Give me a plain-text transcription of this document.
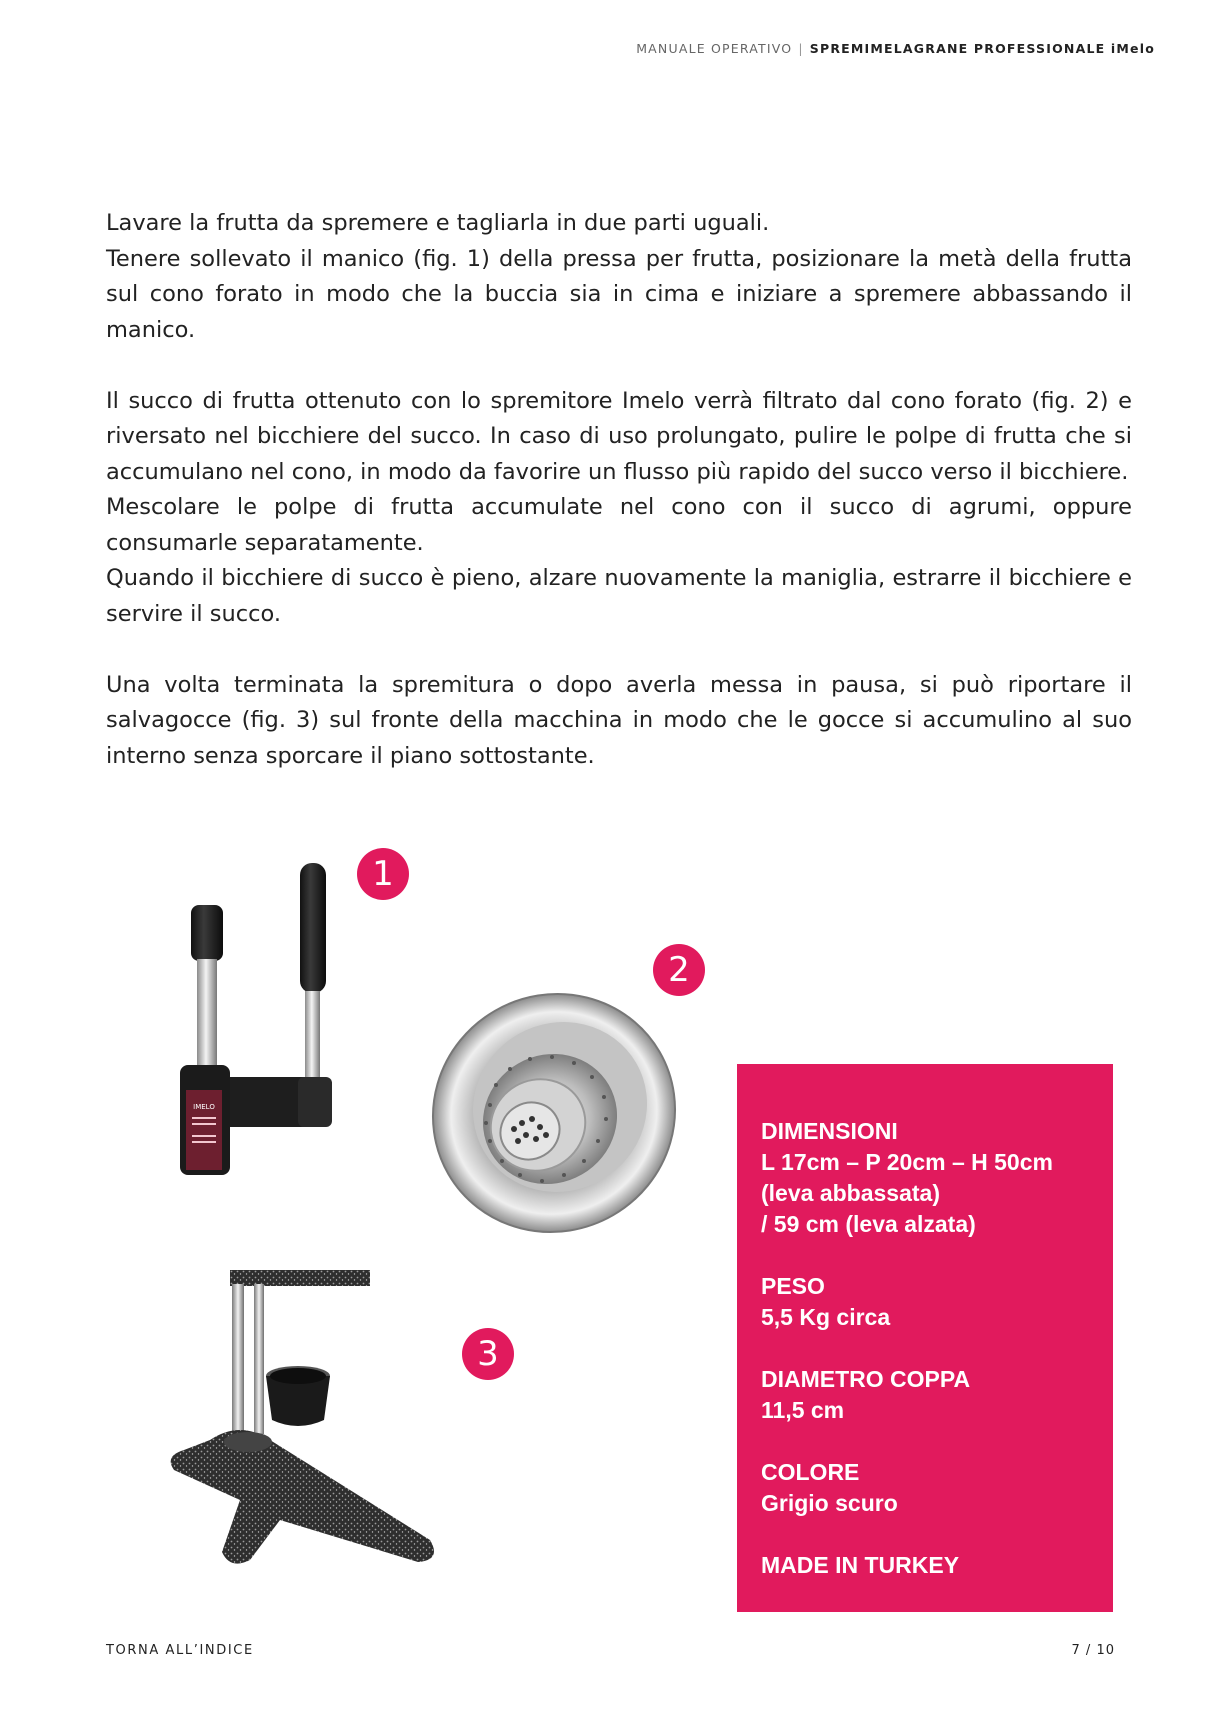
MANUALE OPERATIVO | SPREMIMELAGRANE PROFESSIONALE iMelo

Lavare la frutta da spremere e tagliarla in due parti uguali.

Tenere sollevato il manico (fig. 1) della pressa per frutta, posizionare la metà della frutta sul cono forato in modo che la buccia sia in cima e iniziare a spremere abbassando il manico.

Il succo di frutta ottenuto con lo spremitore Imelo verrà filtrato dal cono forato (fig. 2) e riversato nel bicchiere del succo. In caso di uso prolungato, pulire le polpe di frutta che si accumulano nel cono, in modo da favorire un flusso più rapido del succo verso il bicchiere.

Mescolare le polpe di frutta accumulate nel cono con il succo di agrumi, oppure consumarle separatamente.

Quando il bicchiere di succo è pieno, alzare nuovamente la maniglia, estrarre il bicchiere e servire il succo.

Una volta terminata la spremitura o dopo averla messa in pausa, si può riportare il salvagocce (fig. 3) sul fronte della macchina in modo che le gocce si accumulino al suo interno senza sporcare il piano sottostante.

IMELO
1
2
3
DIMENSIONI
L 17cm – P 20cm – H 50cm
(leva abbassata)
/ 59 cm (leva alzata)
PESO
5,5 Kg circa
DIAMETRO COPPA
11,5 cm
COLORE
Grigio scuro
MADE IN TURKEY
TORNA ALL’INDICE	7 / 10
